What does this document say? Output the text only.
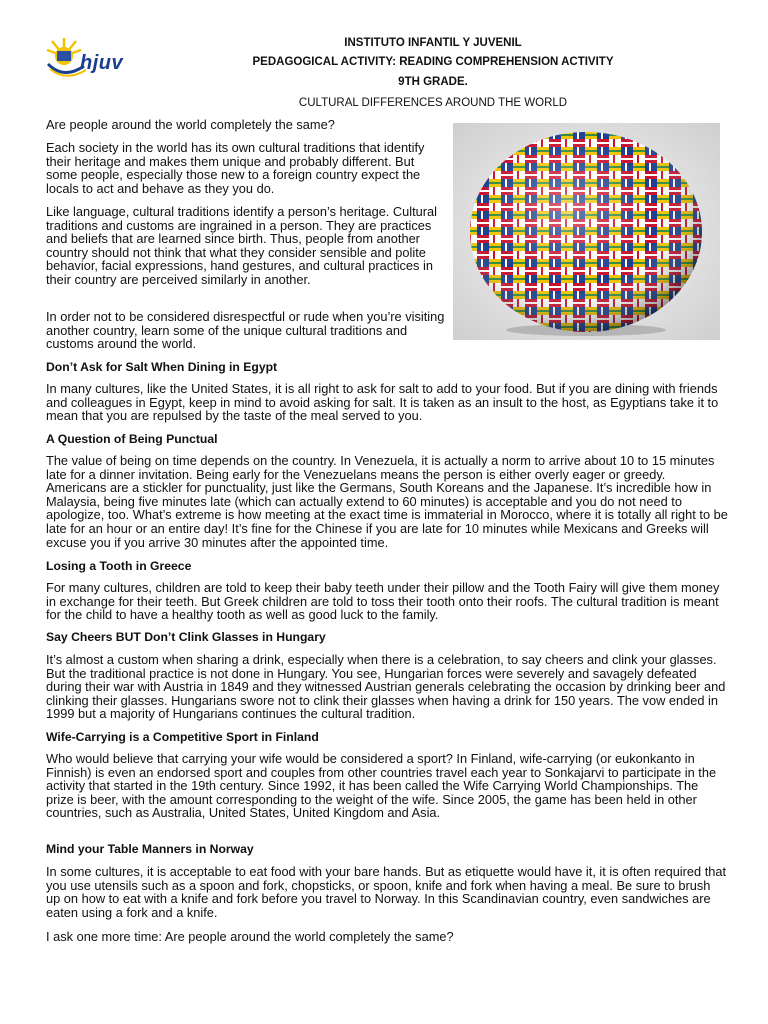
hjuv
INSTITUTO INFANTIL Y JUVENIL
PEDAGOGICAL ACTIVITY: READING COMPREHENSION ACTIVITY
9TH GRADE.
CULTURAL DIFFERENCES AROUND THE WORLD

Are people around the world completely the same?

Each society in the world has its own cultural traditions that identify their heritage and makes them unique and probably different. But some people, especially those new to a foreign country expect the locals to act and behave as they you do.

Like language, cultural traditions identify a person’s heritage. Cultural traditions and customs are ingrained in a person. They are practices and beliefs that are learned since birth. Thus, people from another country should not think that what they consider sensible and polite behavior, facial expressions, hand gestures, and cultural practices in their country are perceived similarly in another.

In order not to be considered disrespectful or rude when you’re visiting another country, learn some of the unique cultural traditions and customs around the world.

Don’t Ask for Salt When Dining in Egypt

In many cultures, like the United States, it is all right to ask for salt to add to your food. But if you are dining with friends and colleagues in Egypt, keep in mind to avoid asking for salt. It is taken as an insult to the host, as Egyptians take it to mean that you are repulsed by the taste of the meal served to you.

A Question of Being Punctual

The value of being on time depends on the country. In Venezuela, it is actually a norm to arrive about 10 to 15 minutes late for a dinner invitation. Being early for the Venezuelans means the person is either overly eager or greedy. Americans are a stickler for punctuality, just like the Germans, South Koreans and the Japanese. It’s incredible how in Malaysia, being five minutes late (which can actually extend to 60 minutes) is acceptable and you do not need to apologize, too. What’s extreme is how meeting at the exact time is immaterial in Morocco, where it is totally all right to be late for an hour or an entire day! It’s fine for the Chinese if you are late for 10 minutes while Mexicans and Greeks will excuse you if you arrive 30 minutes after the appointed time.

Losing a Tooth in Greece

For many cultures, children are told to keep their baby teeth under their pillow and the Tooth Fairy will give them money in exchange for their teeth. But Greek children are told to toss their tooth onto their roofs. The cultural tradition is meant for the child to have a healthy tooth as well as good luck to the family.

Say Cheers BUT Don’t Clink Glasses in Hungary

It’s almost a custom when sharing a drink, especially when there is a celebration, to say cheers and clink your glasses. But the traditional practice is not done in Hungary. You see, Hungarian forces were severely and savagely defeated during their war with Austria in 1849 and they witnessed Austrian generals celebrating the occasion by drinking beer and clinking their glasses. Hungarians swore not to clink their glasses when having a drink for 150 years. The vow ended in 1999 but a majority of Hungarians continues the cultural tradition.

Wife-Carrying is a Competitive Sport in Finland

Who would believe that carrying your wife would be considered a sport? In Finland, wife-carrying (or eukonkanto in Finnish) is even an endorsed sport and couples from other countries travel each year to Sonkajarvi to participate in the activity that started in the 19th century. Since 1992, it has been called the Wife Carrying World Championships. The prize is beer, with the amount corresponding to the weight of the wife. Since 2005, the game has been held in other countries, such as Australia, United States, United Kingdom and Asia.

Mind your Table Manners in Norway

In some cultures, it is acceptable to eat food with your bare hands. But as etiquette would have it, it is often required that you use utensils such as a spoon and fork, chopsticks, or spoon, knife and fork when having a meal. Be sure to brush up on how to eat with a knife and fork before you travel to Norway. In this Scandinavian country, even sandwiches are eaten using a fork and a knife.

I ask one more time: Are people around the world completely the same?
